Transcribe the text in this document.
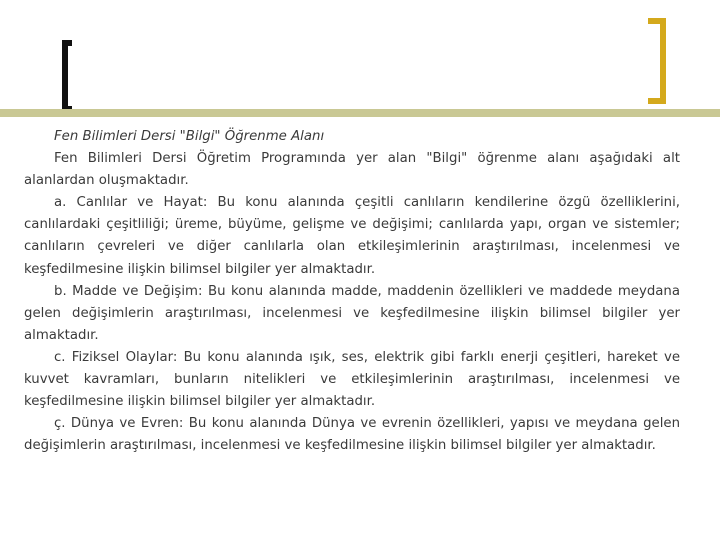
Fen Bilimleri Dersi "Bilgi" Öğrenme Alanı

Fen Bilimleri Dersi Öğretim Programında yer alan "Bilgi" öğrenme alanı aşağıdaki alt alanlardan oluşmaktadır.

a. Canlılar ve Hayat: Bu konu alanında çeşitli canlıların kendilerine özgü özelliklerini, canlılardaki çeşitliliği; üreme, büyüme, gelişme ve değişimi; canlılarda yapı, organ ve sistemler; canlıların çevreleri ve diğer canlılarla olan etkileşimlerinin araştırılması, incelenmesi ve keşfedilmesine ilişkin bilimsel bilgiler yer almaktadır.

b. Madde ve Değişim: Bu konu alanında madde, maddenin özellikleri ve maddede meydana gelen değişimlerin araştırılması, incelenmesi ve keşfedilmesine ilişkin bilimsel bilgiler yer almaktadır.

c. Fiziksel Olaylar: Bu konu alanında ışık, ses, elektrik gibi farklı enerji çeşitleri, hareket ve kuvvet kavramları, bunların nitelikleri ve etkileşimlerinin araştırılması, incelenmesi ve keşfedilmesine ilişkin bilimsel bilgiler yer almaktadır.

ç. Dünya ve Evren: Bu konu alanında Dünya ve evrenin özellikleri, yapısı ve meydana gelen değişimlerin araştırılması, incelenmesi ve keşfedilmesine ilişkin bilimsel bilgiler yer almaktadır.
